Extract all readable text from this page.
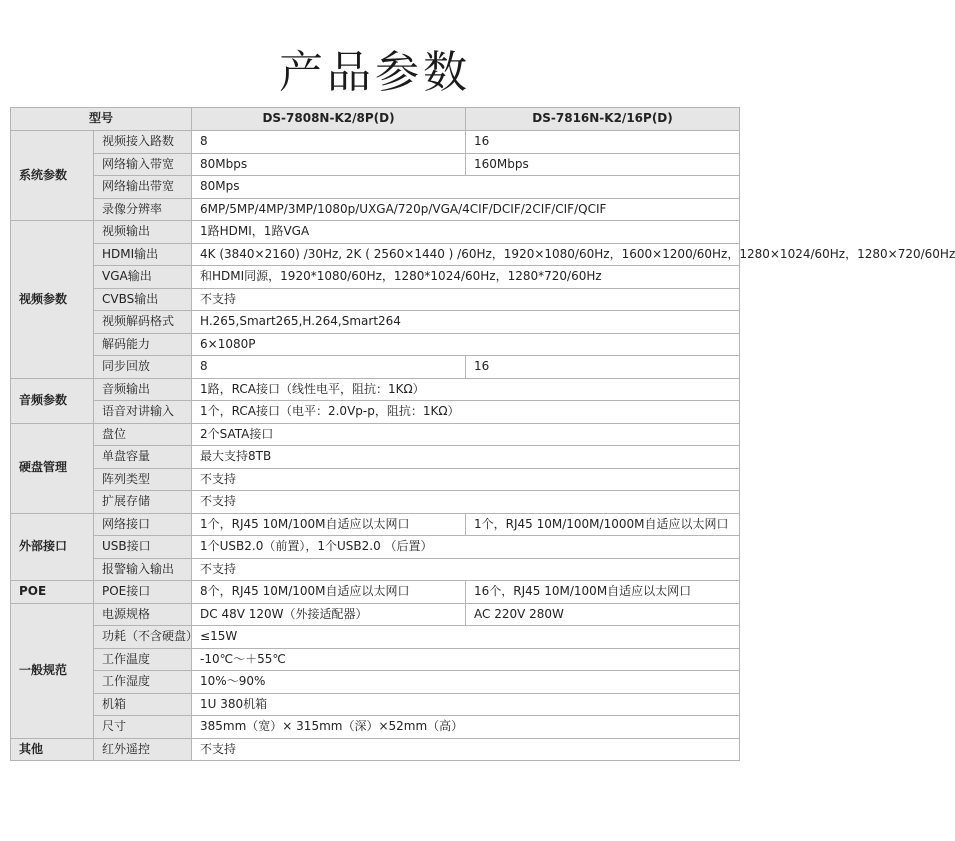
产品参数
型号		DS-7808N-K2/8P(D)	DS-7816N-K2/16P(D)
系统参数	视频接入路数	8	16
	网络输入带宽	80Mbps	160Mbps
	网络输出带宽	80Mps	
	录像分辨率	6MP/5MP/4MP/3MP/1080p/UXGA/720p/VGA/4CIF/DCIF/2CIF/CIF/QCIF	
视频参数	视频输出	1路HDMI，1路VGA	
	HDMI输出	4K (3840×2160) /30Hz, 2K ( 2560×1440 ) /60Hz，1920×1080/60Hz，1600×1200/60Hz，1280×1024/60Hz，1280×720/60Hz	
	VGA输出	和HDMI同源，1920*1080/60Hz，1280*1024/60Hz，1280*720/60Hz	
	CVBS输出	不支持	
	视频解码格式	H.265,Smart265,H.264,Smart264	
	解码能力	6×1080P	
	同步回放	8	16
音频参数	音频输出	1路，RCA接口（线性电平，阻抗：1KΩ）	
	语音对讲输入	1个，RCA接口（电平：2.0Vp-p，阻抗：1KΩ）	
硬盘管理	盘位	2个SATA接口	
	单盘容量	最大支持8TB	
	阵列类型	不支持	
	扩展存储	不支持	
外部接口	网络接口	1个，RJ45 10M/100M自适应以太网口	1个，RJ45 10M/100M/1000M自适应以太网口
	USB接口	1个USB2.0（前置），1个USB2.0 （后置）	
	报警输入输出	不支持	
POE	POE接口	8个，RJ45 10M/100M自适应以太网口	16个，RJ45 10M/100M自适应以太网口
一般规范	电源规格	DC 48V 120W（外接适配器）	AC 220V 280W
	功耗（不含硬盘）	≤15W	
	工作温度	-10℃～＋55℃	
	工作湿度	10%～90%	
	机箱	1U 380机箱	
	尺寸	385mm（宽）× 315mm（深）×52mm（高）	
其他	红外遥控	不支持	
